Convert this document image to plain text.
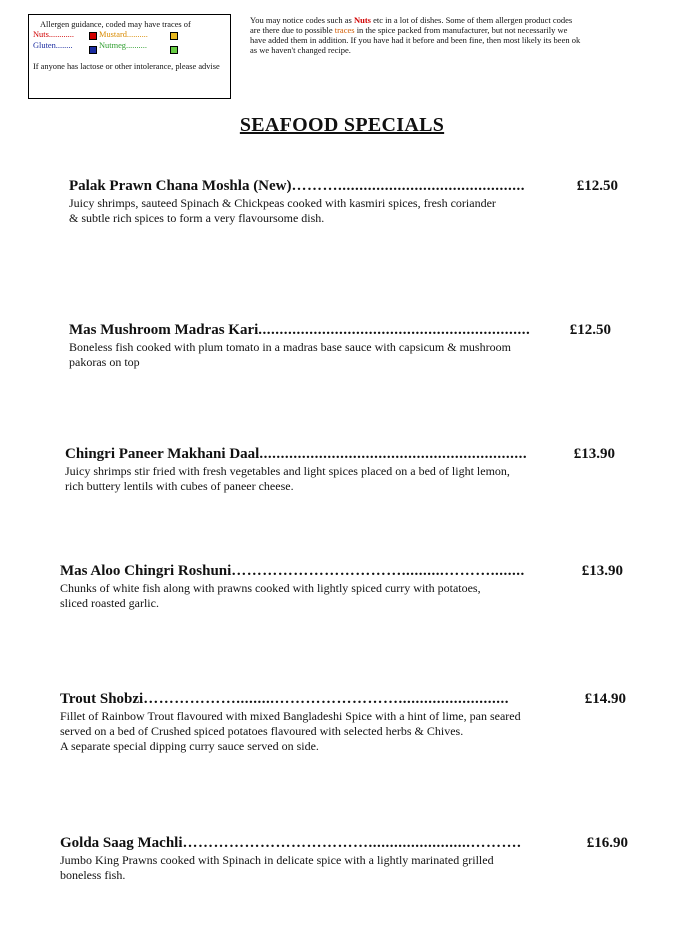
Allergen guidance, coded may have traces of
Nuts............	Mustard..........
Gluten........	Nutmeg..........
If anyone has lactose or other intolerance, please advise
You may notice codes such as Nuts etc in a lot of dishes. Some of them allergen product codes
are there due to possible traces in the spice packed from manufacturer, but not necessarily we
have added them in addition. If you have had it before and been fine, then most likely its been ok
as we haven't changed recipe.
SEAFOOD SPECIALS
Palak Prawn Chana Moshla (New) ………............................................	£12.50
Juicy shrimps, sauteed Spinach & Chickpeas cooked with kasmiri spices, fresh coriander
& subtle rich spices to form a very flavoursome dish.
Mas Mushroom Madras Kari ................................................................	£12.50
Boneless fish cooked with plum tomato in a madras base sauce with capsicum & mushroom
pakoras on top
Chingri Paneer Makhani Daal ...............................................................	£13.90
Juicy shrimps stir fried with fresh vegetables and light spices placed on a bed of light lemon,
rich buttery lentils with cubes of paneer cheese.
Mas Aloo Chingri Roshuni ……………………………..........………........	£13.90
Chunks of white fish along with prawns cooked with lightly spiced curry with potatoes,
sliced roasted garlic.
Trout Shobzi ……………….........……………………..........................	£14.90
Fillet of Rainbow Trout flavoured with mixed Bangladeshi Spice with a hint of lime, pan seared
served on a bed of Crushed spiced potatoes flavoured with selected herbs & Chives.
A separate special dipping curry sauce served on side.
Golda Saag Machli ………………………………........................……….	£16.90
Jumbo King Prawns cooked with Spinach in delicate spice with a lightly marinated grilled
boneless fish.
